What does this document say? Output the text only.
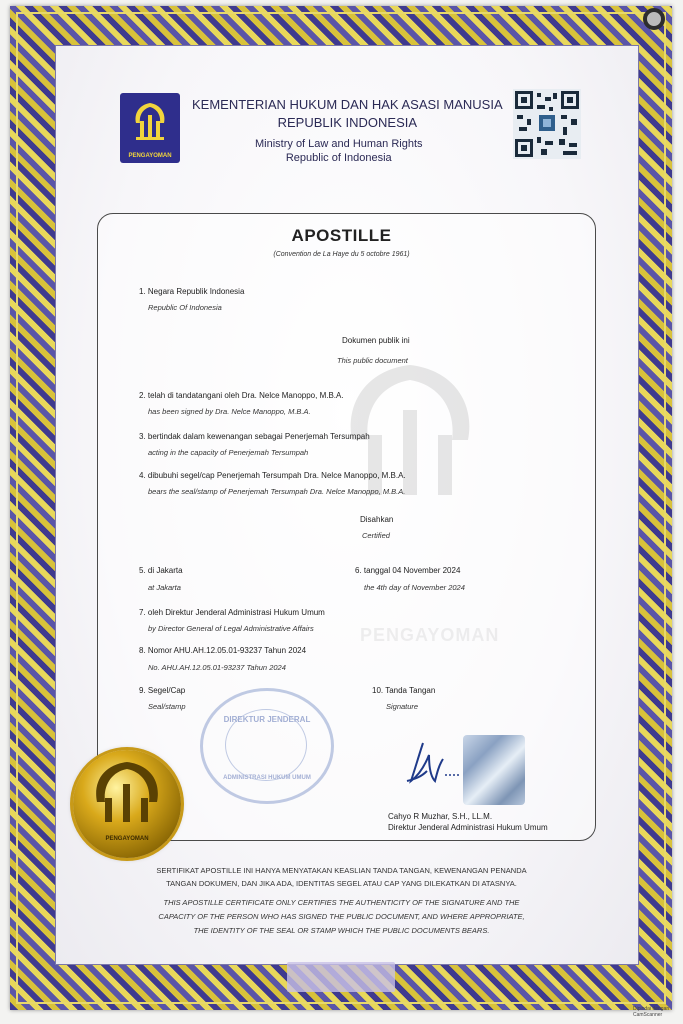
PENGAYOMAN
KEMENTERIAN HUKUM DAN HAK ASASI MANUSIA
REPUBLIK INDONESIA
Ministry of Law and Human Rights
Republic of Indonesia
PENGAYOMAN
APOSTILLE
(Convention de La Haye du 5 octobre 1961)
1. Negara Republik Indonesia
Republic Of Indonesia
Dokumen publik ini
This public document
2. telah di tandatangani oleh Dra. Nelce Manoppo, M.B.A.
has been signed by Dra. Nelce Manoppo, M.B.A.
3. bertindak dalam kewenangan sebagai Penerjemah Tersumpah
acting in the capacity of Penerjemah Tersumpah
4. dibubuhi segel/cap Penerjemah Tersumpah Dra. Nelce Manoppo, M.B.A.
bears the seal/stamp of Penerjemah Tersumpah Dra. Nelce Manoppo, M.B.A.
Disahkan
Certified
5. di Jakarta
at Jakarta
6. tanggal 04 November 2024
the 4th day of November 2024
7. oleh Direktur Jenderal Administrasi Hukum Umum
by Director General of Legal Administrative Affairs
8. Nomor AHU.AH.12.05.01-93237 Tahun 2024
No. AHU.AH.12.05.01-93237 Tahun 2024
9. Segel/Cap
Seal/stamp
10. Tanda Tangan
Signature
DIREKTUR JENDERAL
ADMINISTRASI HUKUM UMUM
PENGAYOMAN
Cahyo R Muzhar, S.H., LL.M.
Direktur Jenderal Administrasi Hukum Umum
SERTIFIKAT APOSTILLE INI HANYA MENYATAKAN KEASLIAN TANDA TANGAN, KEWENANGAN PENANDA
TANGAN DOKUMEN, DAN JIKA ADA, IDENTITAS SEGEL ATAU CAP YANG DILEKATKAN DI ATASNYA.
THIS APOSTILLE CERTIFICATE ONLY CERTIFIES THE AUTHENTICITY OF THE SIGNATURE AND THE
CAPACITY OF THE PERSON WHO HAS SIGNED THE PUBLIC DOCUMENT, AND WHERE APPROPRIATE,
THE IDENTITY OF THE SEAL OR STAMP WHICH THE PUBLIC DOCUMENTS BEARS.
Dipindai dengan
CamScanner
